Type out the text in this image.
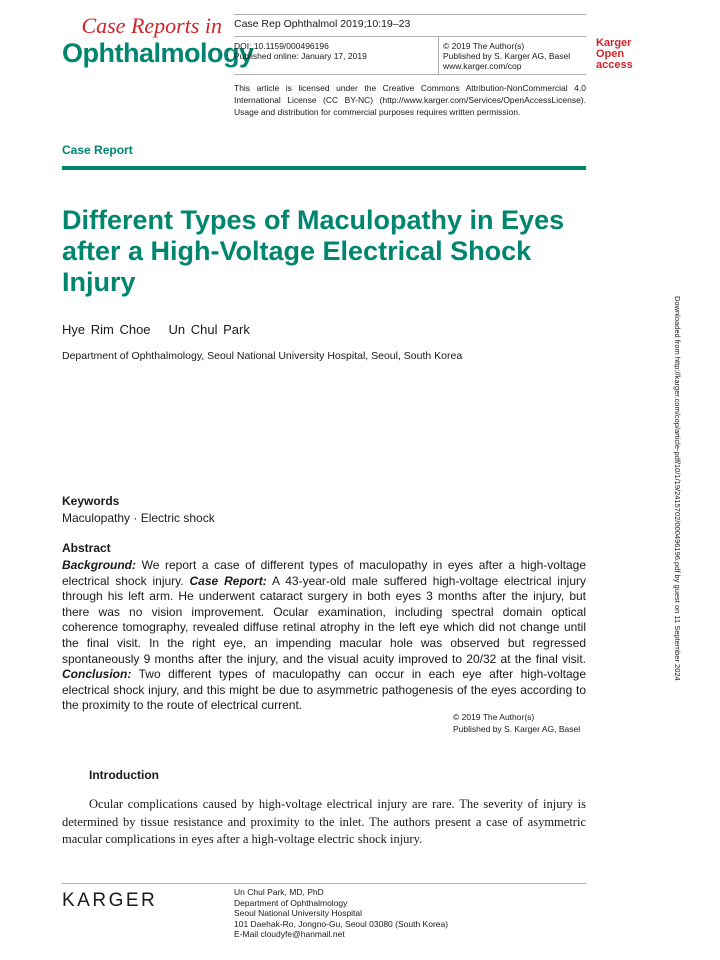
Case Reports in
Ophthalmology
Case Rep Ophthalmol 2019;10:19–23
DOI: 10.1159/000496196
Published online: January 17, 2019
© 2019 The Author(s)
Published by S. Karger AG, Basel
www.karger.com/cop
Karger
Open access
This article is licensed under the Creative Commons Attribution-NonCommercial 4.0 International License (CC BY-NC) (http://www.karger.com/Services/OpenAccessLicense). Usage and distribution for commercial purposes requires written permission.
Case Report
Different Types of Maculopathy in Eyes after a High-Voltage Electrical Shock Injury
Hye Rim Choe Un Chul Park
Department of Ophthalmology, Seoul National University Hospital, Seoul, South Korea	Downloaded from http://karger.com/cop/article-pdf/10/1/19/2415702/000496196.pdf by guest on 11 September 2024
Keywords
Maculopathy · Electric shock
Abstract
Background: We report a case of different types of maculopathy in eyes after a high-voltage electrical shock injury. Case Report: A 43-year-old male suffered high-voltage electrical injury through his left arm. He underwent cataract surgery in both eyes 3 months after the injury, but there was no vision improvement. Ocular examination, including spectral domain optical coherence tomography, revealed diffuse retinal atrophy in the left eye which did not change until the final visit. In the right eye, an impending macular hole was observed but regressed spontaneously 9 months after the injury, and the visual acuity improved to 20/32 at the final visit. Conclusion: Two different types of maculopathy can occur in each eye after high-voltage electrical shock injury, and this might be due to asymmetric pathogenesis of the eyes according to the proximity to the route of electrical current.
© 2019 The Author(s)
Published by S. Karger AG, Basel
Introduction
Ocular complications caused by high-voltage electrical injury are rare. The severity of injury is determined by tissue resistance and proximity to the inlet. The authors present a case of asymmetric macular complications in eyes after a high-voltage electric shock injury.
KARGER	Un Chul Park, MD, PhD
Department of Ophthalmology
Seoul National University Hospital
101 Daehak-Ro, Jongno-Gu, Seoul 03080 (South Korea)
E-Mail cloudyfe@hanmail.net
